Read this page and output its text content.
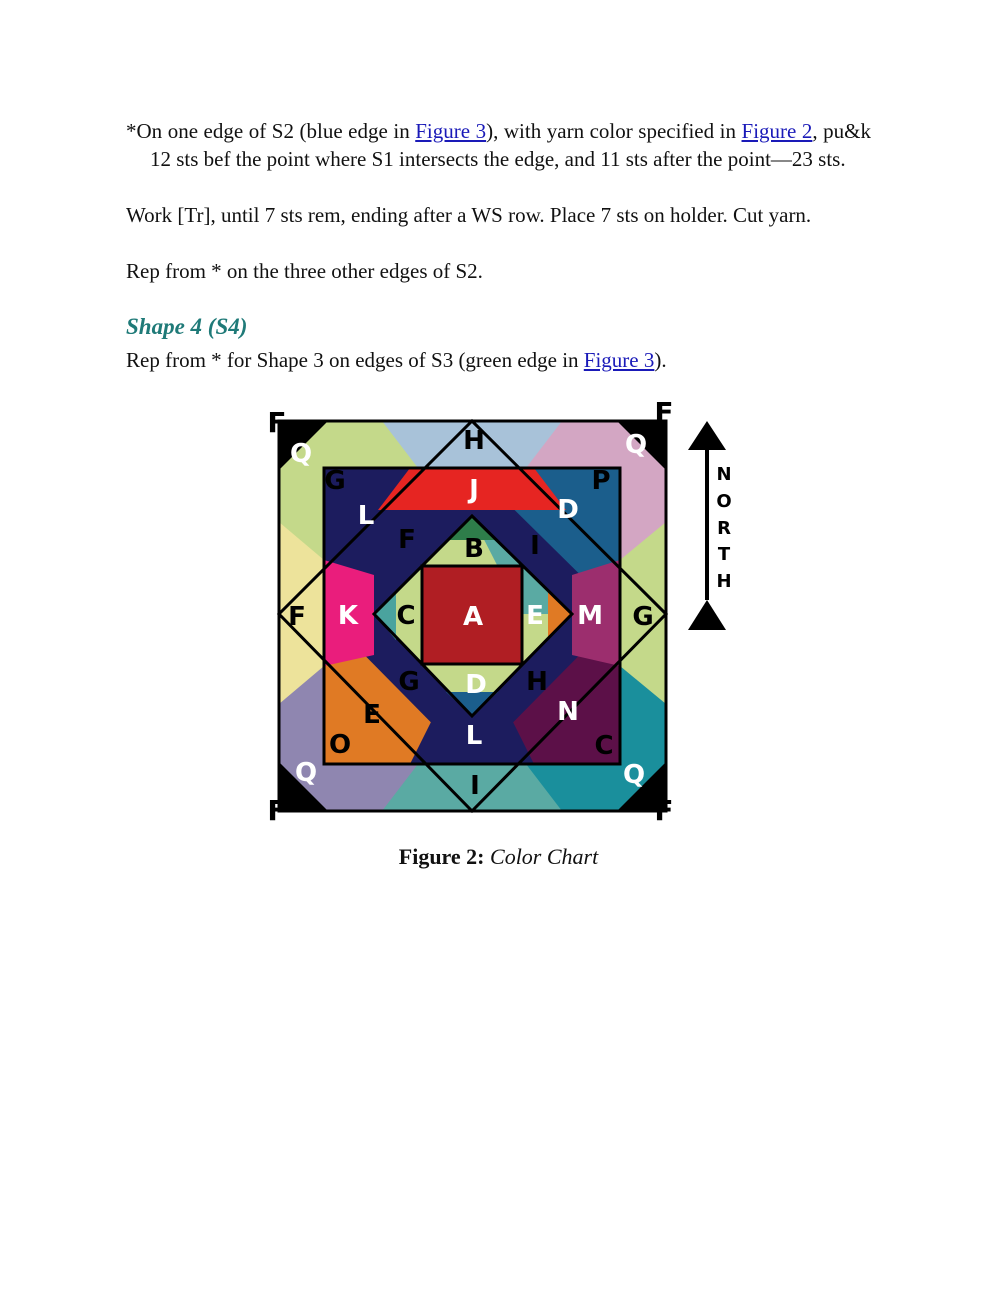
*On one edge of S2 (blue edge in Figure 3), with yarn color specified in Figure 2, pu&k 12 sts bef the point where S1 intersects the edge, and 11 sts after the point—23 sts.
Work [Tr], until 7 sts rem, ending after a WS row. Place 7 sts on holder. Cut yarn.
Rep from * on the three other edges of S2.
Shape 4 (S4)
Rep from * for Shape 3 on edges of S3 (green edge in Figure 3).
A
B
C	E
D
F	I
G	H
J
K	M
L	D
N
E
L
H
I
F	G
G	P
O	C
Q	Q
Q	Q
F	F
F	F
N
O
R
T
H
Figure 2: Color Chart
